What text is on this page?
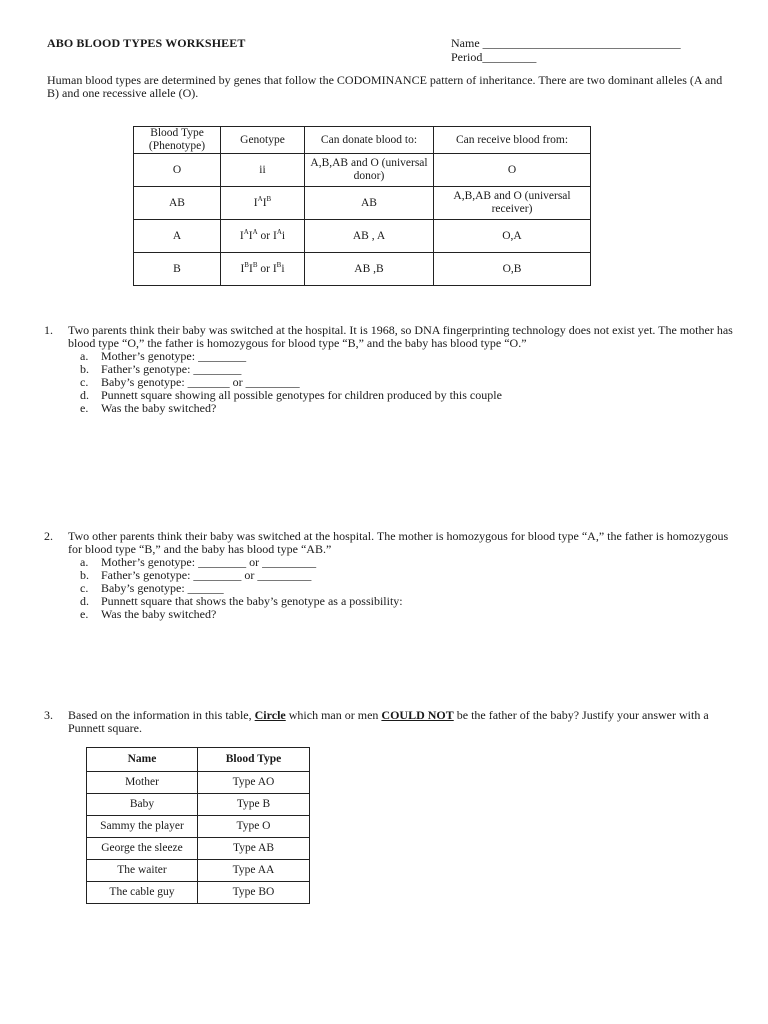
ABO BLOOD TYPES WORKSHEET	Name _________________________________
Period_________
Human blood types are determined by genes that follow the CODOMINANCE pattern of inheritance. There are two dominant alleles (A and B) and one recessive allele (O).
Blood Type (Phenotype)	Genotype	Can donate blood to:	Can receive blood from:
O	ii	A,B,AB and O (universal donor)	O
AB	$I^AI^B$	AB	A,B,AB and O (universal receiver)
A	$I^AI^A$ or $I^Ai$	AB , A	O,A
B	$I^BI^B$ or $I^Bi$	AB ,B	O,B
1. Two parents think their baby was switched at the hospital. It is 1968, so DNA fingerprinting technology does not exist yet. The mother has blood type “O,” the father is homozygous for blood type “B,” and the baby has blood type “O.”
a. Mother’s genotype: ________
b. Father’s genotype: ________
c. Baby’s genotype: _______ or _________
d. Punnett square showing all possible genotypes for children produced by this couple
e. Was the baby switched?
2. Two other parents think their baby was switched at the hospital. The mother is homozygous for blood type “A,” the father is homozygous for blood type “B,” and the baby has blood type “AB.”
a. Mother’s genotype: ________ or _________
b. Father’s genotype: ________ or _________
c. Baby’s genotype: ______
d. Punnett square that shows the baby’s genotype as a possibility:
e. Was the baby switched?
3. Based on the information in this table, Circle which man or men COULD NOT be the father of the baby? Justify your answer with a Punnett square.
Name	Blood Type
Mother	Type AO
Baby	Type B
Sammy the player	Type O
George the sleeze	Type AB
The waiter	Type AA
The cable guy	Type BO
